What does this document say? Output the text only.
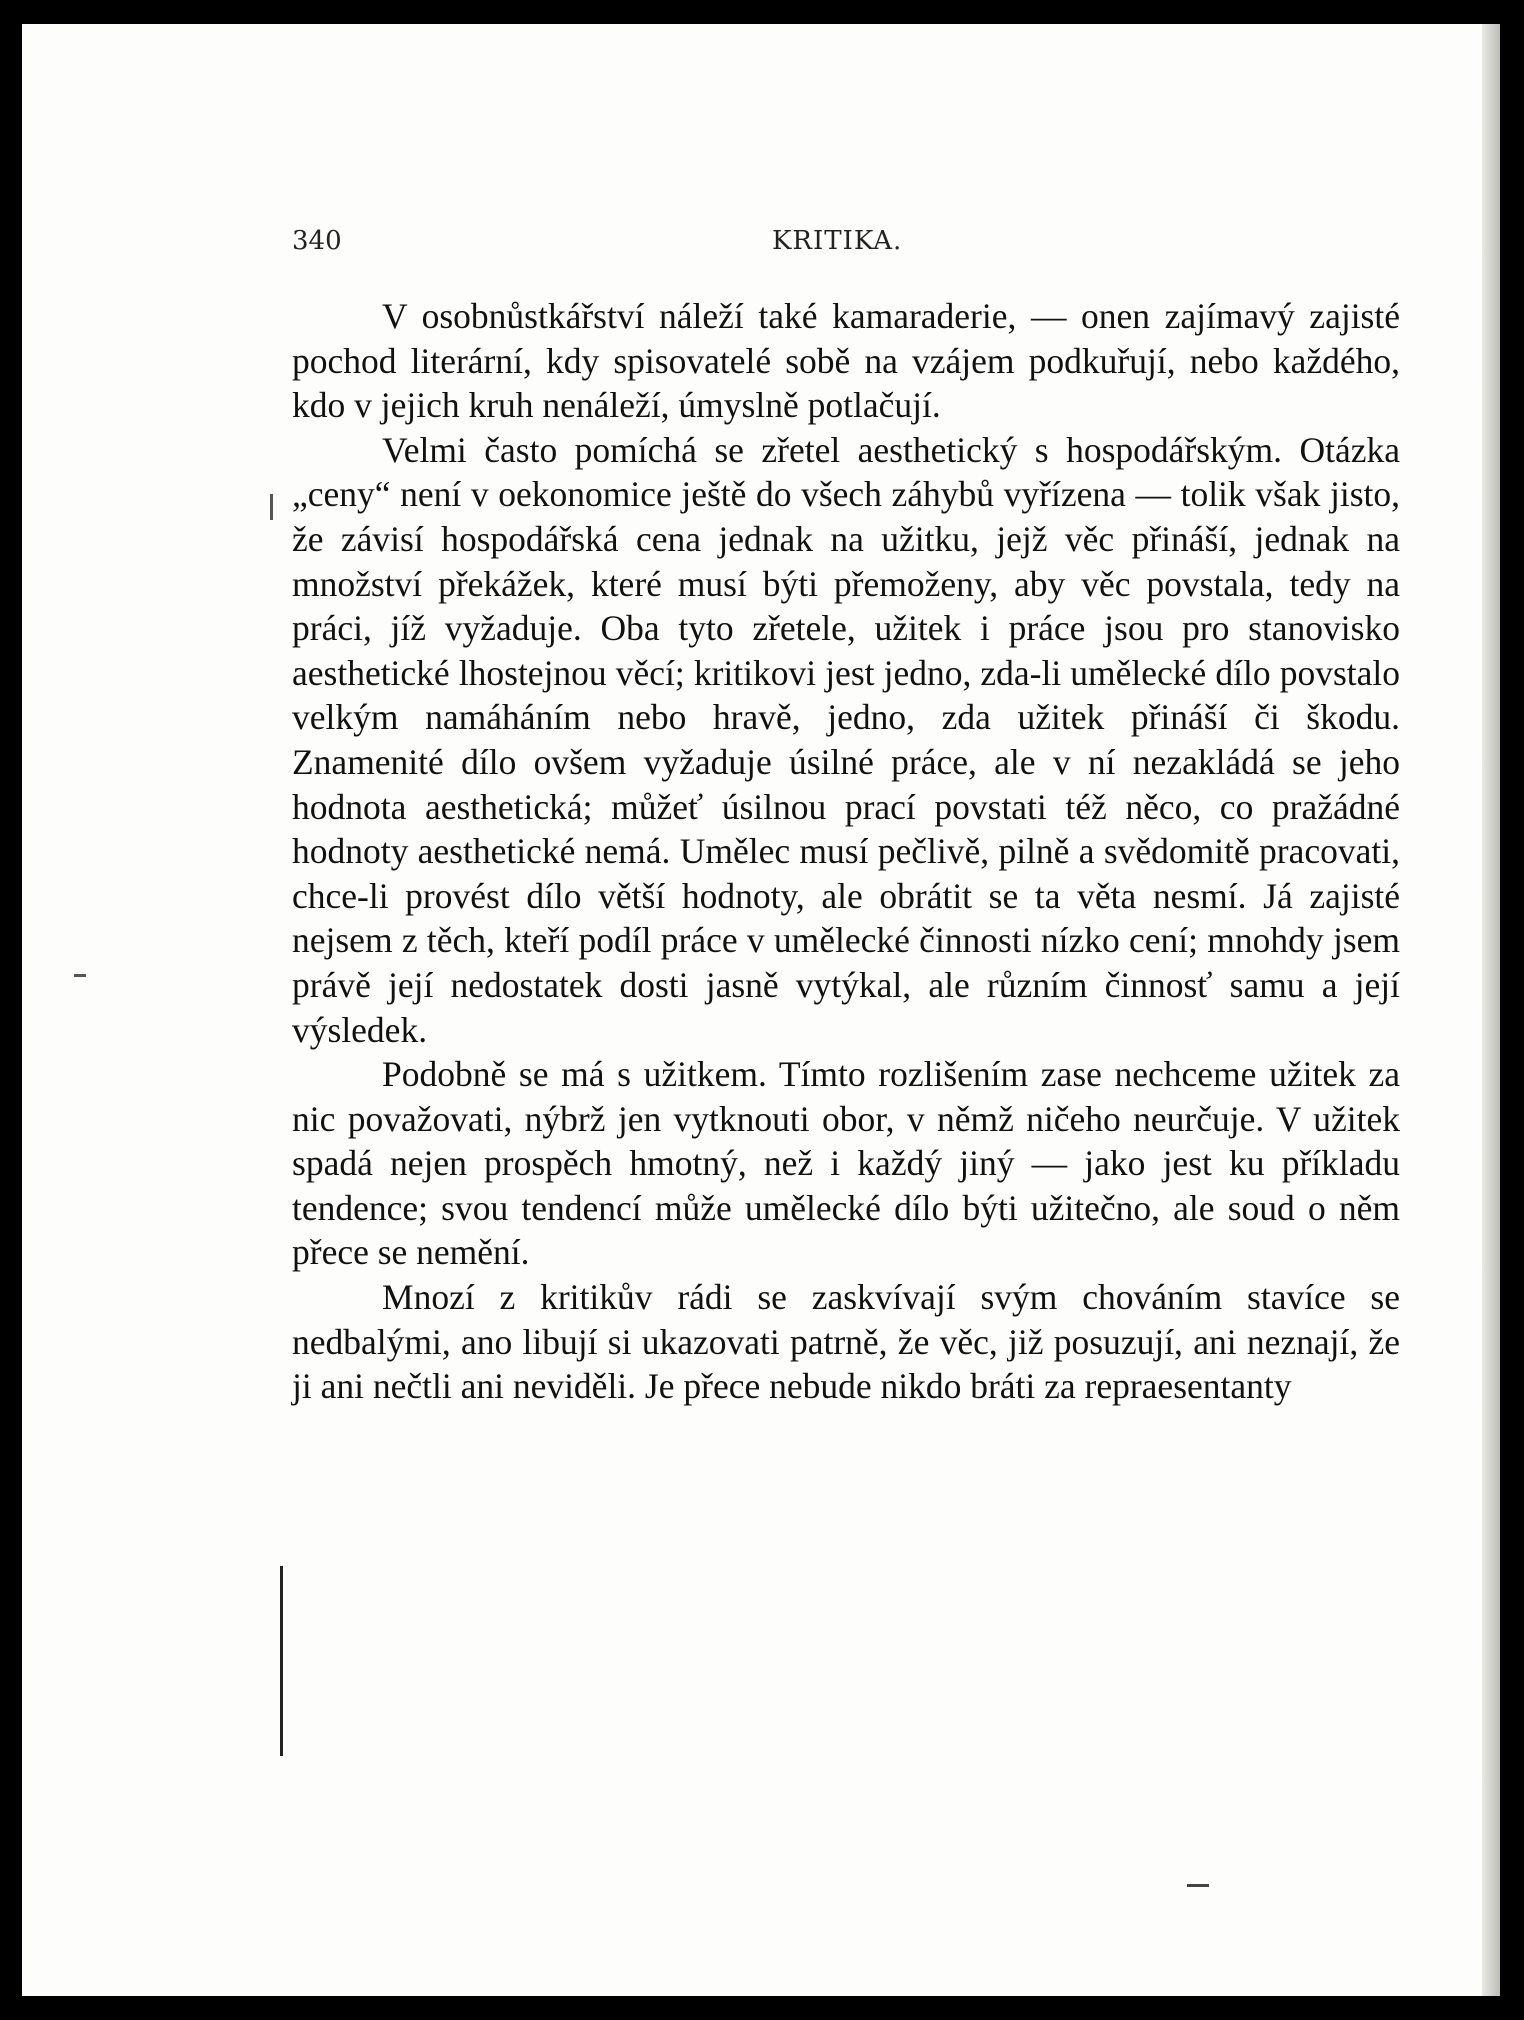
340	KRITIKA.

V osobnůstkářství náleží také kamaraderie, — onen zajímavý zajisté pochod literární, kdy spisovatelé sobě na vzájem podkuřují, nebo každého, kdo v jejich kruh nenáleží, úmyslně potlačují.

Velmi často pomíchá se zřetel aesthetický s hospodářským. Otázka „ceny“ není v oekonomice ještě do všech záhybů vyřízena — tolik však jisto, že závisí hospodářská cena jednak na užitku, jejž věc přináší, jednak na množství překážek, které musí býti přemoženy, aby věc povstala, tedy na práci, jíž vyžaduje. Oba tyto zřetele, užitek i práce jsou pro stanovisko aesthetické lhostejnou věcí; kritikovi jest jedno, zda-li umělecké dílo povstalo velkým namáháním nebo hravě, jedno, zda užitek přináší či škodu. Znamenité dílo ovšem vyžaduje úsilné práce, ale v ní nezakládá se jeho hodnota aesthetická; můžeť úsilnou prací povstati též něco, co pražádné hodnoty aesthetické nemá. Umělec musí pečlivě, pilně a svědomitě pracovati, chce-li provést dílo větší hodnoty, ale obrátit se ta věta nesmí. Já zajisté nejsem z těch, kteří podíl práce v umělecké činnosti nízko cení; mnohdy jsem právě její nedostatek dosti jasně vytýkal, ale různím činnosť samu a její výsledek.

Podobně se má s užitkem. Tímto rozlišením zase nechceme užitek za nic považovati, nýbrž jen vytknouti obor, v němž ničeho neurčuje. V užitek spadá nejen prospěch hmotný, než i každý jiný — jako jest ku příkladu tendence; svou tendencí může umělecké dílo býti užitečno, ale soud o něm přece se nemění.

Mnozí z kritikův rádi se zaskvívají svým chováním stavíce se nedbalými, ano libují si ukazovati patrně, že věc, již posuzují, ani neznají, že ji ani nečtli ani neviděli. Je přece nebude nikdo bráti za repraesentanty
